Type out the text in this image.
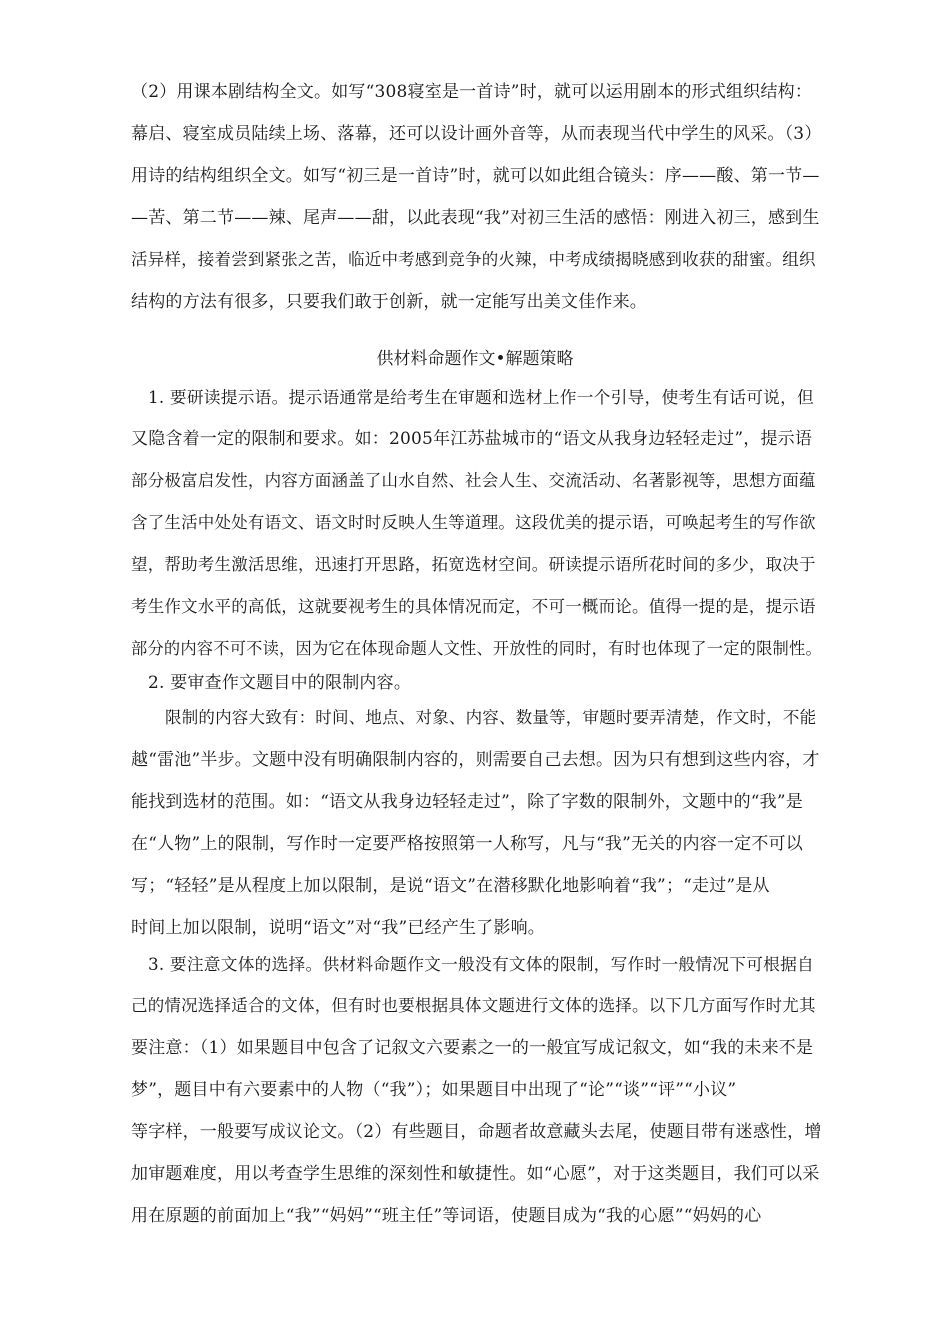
（2）用课本剧结构全文。如写“308寝室是一首诗”时，就可以运用剧本的形式组织结构：
幕启、寝室成员陆续上场、落幕，还可以设计画外音等，从而表现当代中学生的风采。（3）
用诗的结构组织全文。如写“初三是一首诗”时，就可以如此组合镜头：序——酸、第一节—
—苦、第二节——辣、尾声——甜，以此表现“我”对初三生活的感悟：刚进入初三，感到生
活异样，接着尝到紧张之苦，临近中考感到竞争的火辣，中考成绩揭晓感到收获的甜蜜。组织
结构的方法有很多，只要我们敢于创新，就一定能写出美文佳作来。
供材料命题作文•解题策略
1. 要研读提示语。提示语通常是给考生在审题和选材上作一个引导，使考生有话可说，但
又隐含着一定的限制和要求。如：2005年江苏盐城市的“语文从我身边轻轻走过”，提示语
部分极富启发性，内容方面涵盖了山水自然、社会人生、交流活动、名著影视等，思想方面蕴
含了生活中处处有语文、语文时时反映人生等道理。这段优美的提示语，可唤起考生的写作欲
望，帮助考生激活思维，迅速打开思路，拓宽选材空间。研读提示语所花时间的多少，取决于
考生作文水平的高低，这就要视考生的具体情况而定，不可一概而论。值得一提的是，提示语
部分的内容不可不读，因为它在体现命题人文性、开放性的同时，有时也体现了一定的限制性。
2. 要审查作文题目中的限制内容。
限制的内容大致有：时间、地点、对象、内容、数量等，审题时要弄清楚，作文时，不能
越“雷池”半步。文题中没有明确限制内容的，则需要自己去想。因为只有想到这些内容，才
能找到选材的范围。如：“语文从我身边轻轻走过”，除了字数的限制外，文题中的“我”是
在“人物”上的限制，写作时一定要严格按照第一人称写，凡与“我”无关的内容一定不可以
写；“轻轻”是从程度上加以限制，是说“语文”在潜移默化地影响着“我”；“走过”是从
时间上加以限制，说明“语文”对“我”已经产生了影响。
3. 要注意文体的选择。供材料命题作文一般没有文体的限制，写作时一般情况下可根据自
己的情况选择适合的文体，但有时也要根据具体文题进行文体的选择。以下几方面写作时尤其
要注意：（1）如果题目中包含了记叙文六要素之一的一般宜写成记叙文，如“我的未来不是
梦”，题目中有六要素中的人物（“我”）；如果题目中出现了“论”“谈”“评”“小议”
等字样，一般要写成议论文。（2）有些题目，命题者故意藏头去尾，使题目带有迷惑性，增
加审题难度，用以考查学生思维的深刻性和敏捷性。如“心愿”，对于这类题目，我们可以采
用在原题的前面加上“我”“妈妈”“班主任”等词语，使题目成为“我的心愿”“妈妈的心
